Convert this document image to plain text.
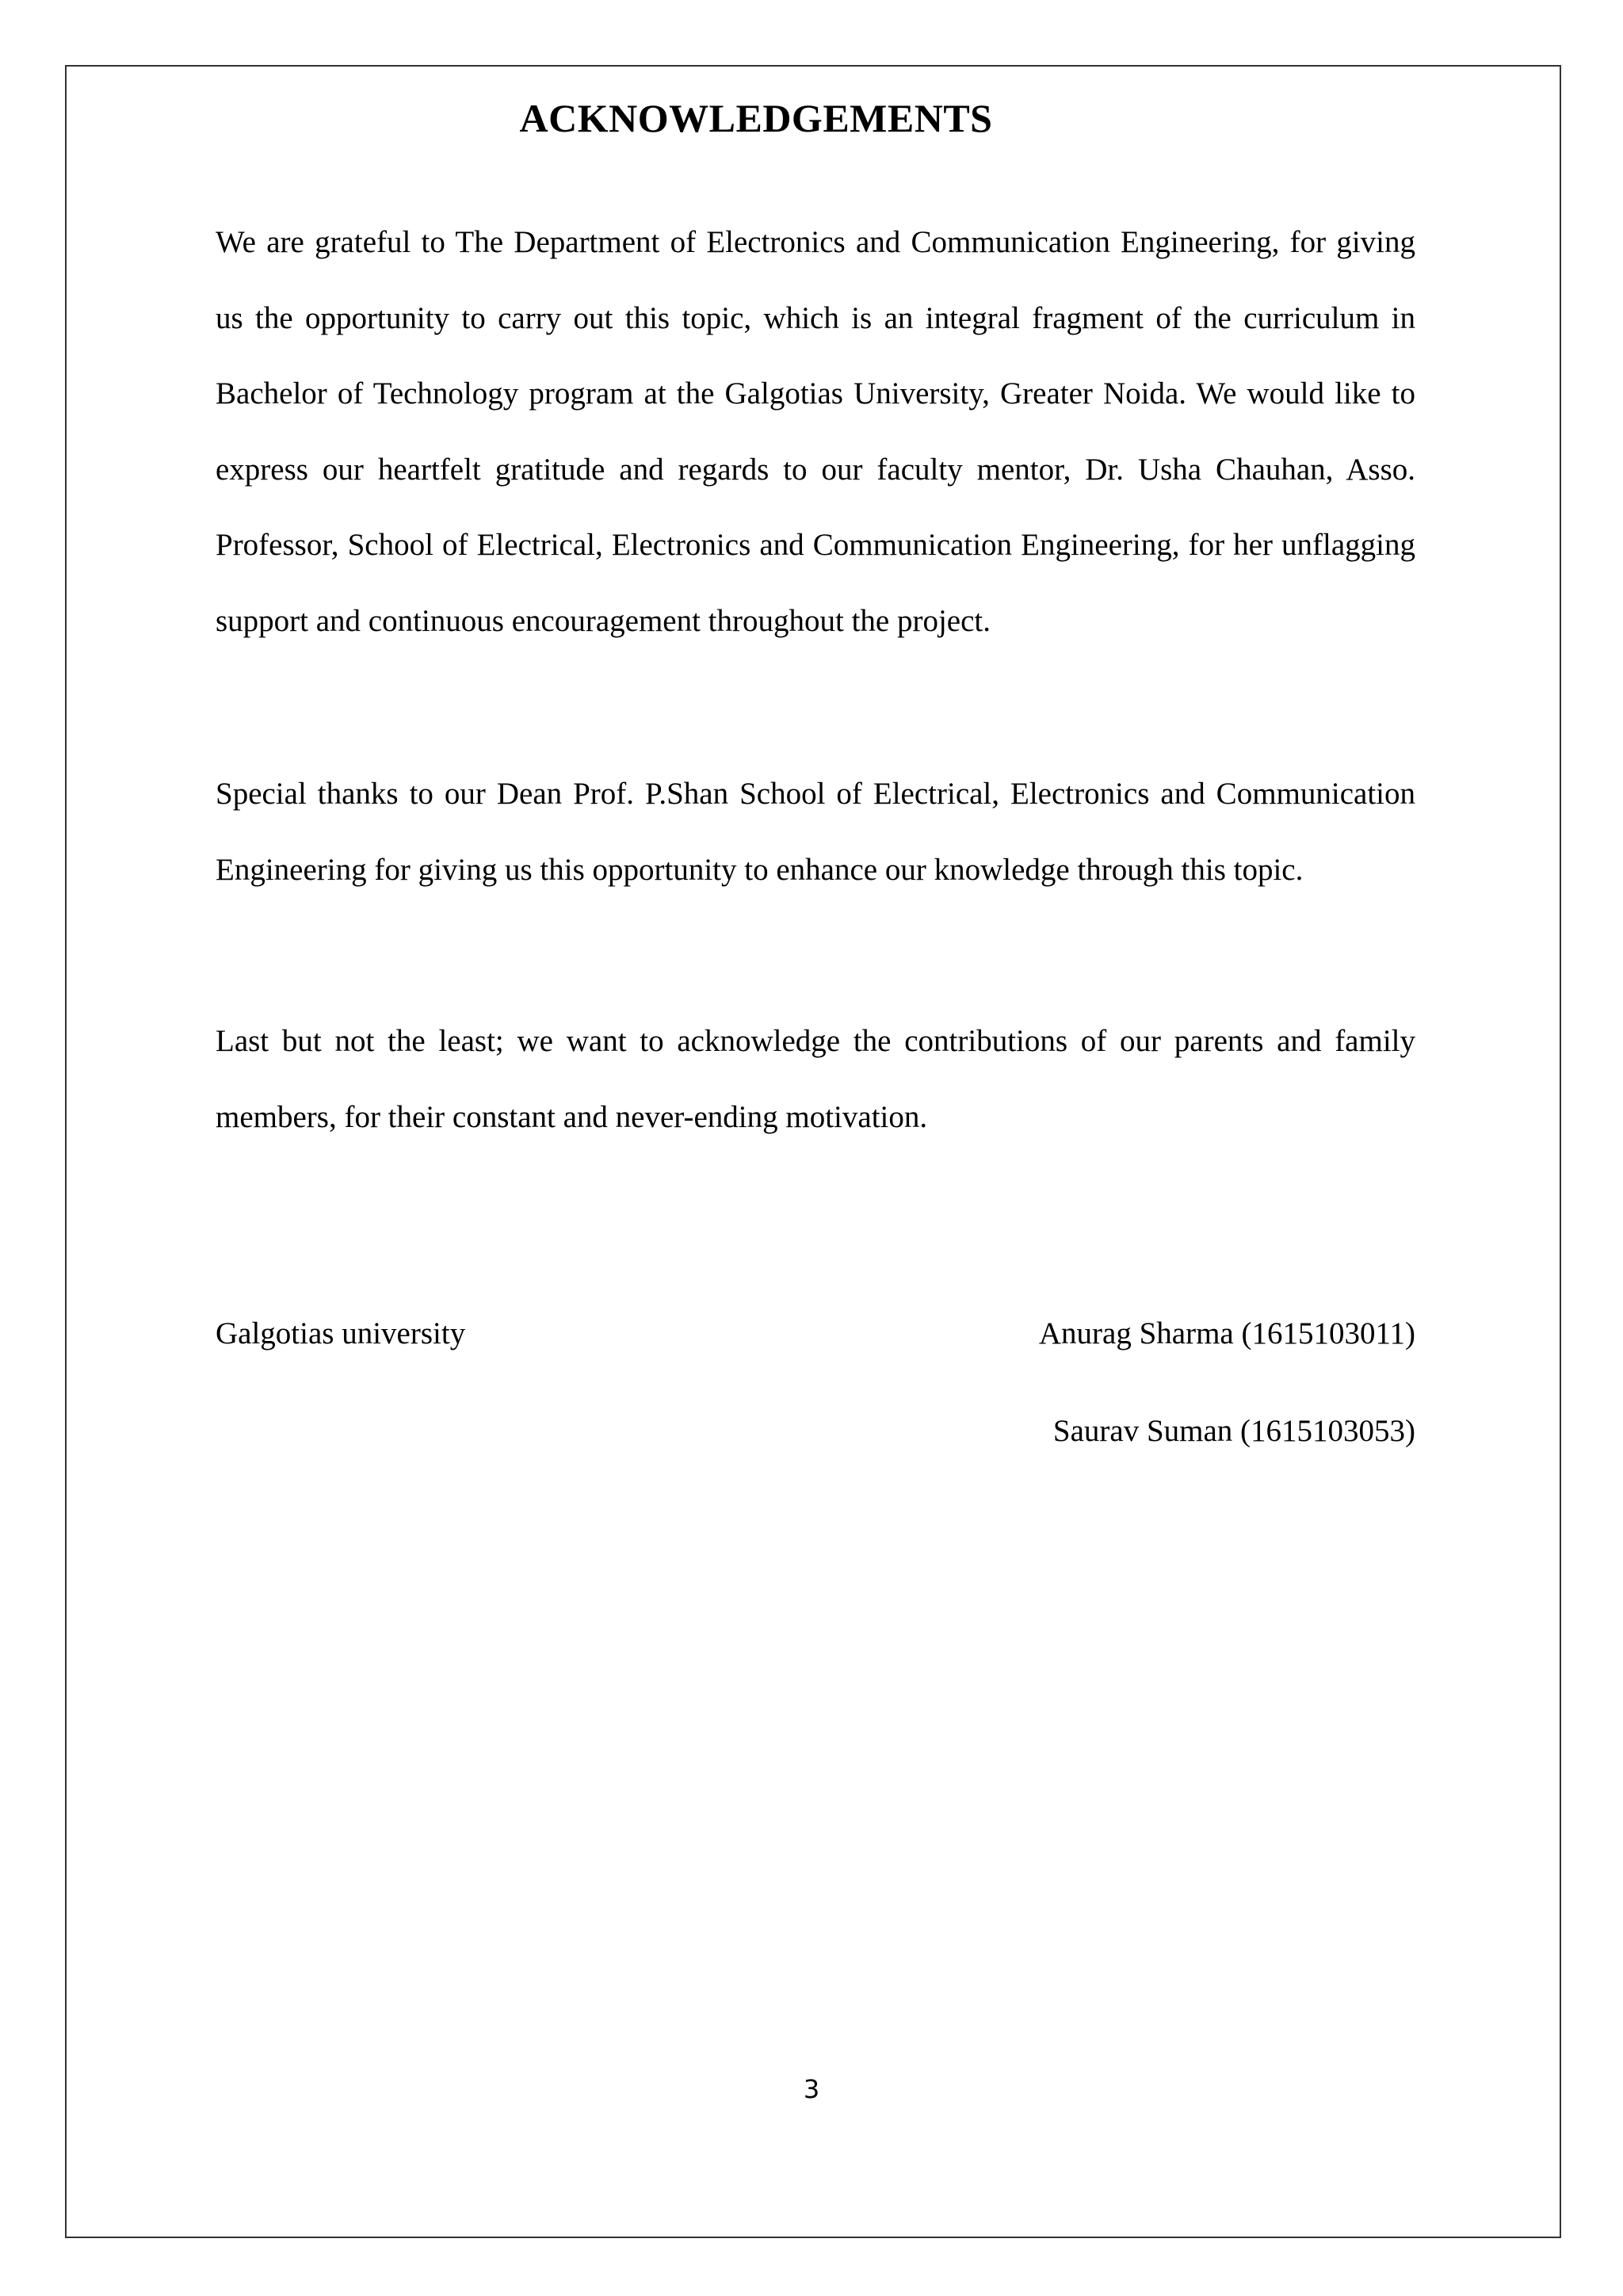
ACKNOWLEDGEMENTS

We are grateful to The Department of Electronics and Communication Engineering, for giving us the opportunity to carry out this topic, which is an integral fragment of the curriculum in Bachelor of Technology program at the Galgotias University, Greater Noida. We would like to express our heartfelt gratitude and regards to our faculty mentor, Dr. Usha Chauhan, Asso. Professor, School of Electrical, Electronics and Communication Engineering, for her unflagging support and continuous encouragement throughout the project.

Special thanks to our Dean Prof. P.Shan School of Electrical, Electronics and Communication Engineering for giving us this opportunity to enhance our knowledge through this topic.

Last but not the least; we want to acknowledge the contributions of our parents and family members, for their constant and never-ending motivation.

Galgotias university	Anurag Sharma (1615103011)
Saurav Suman (1615103053)
3
